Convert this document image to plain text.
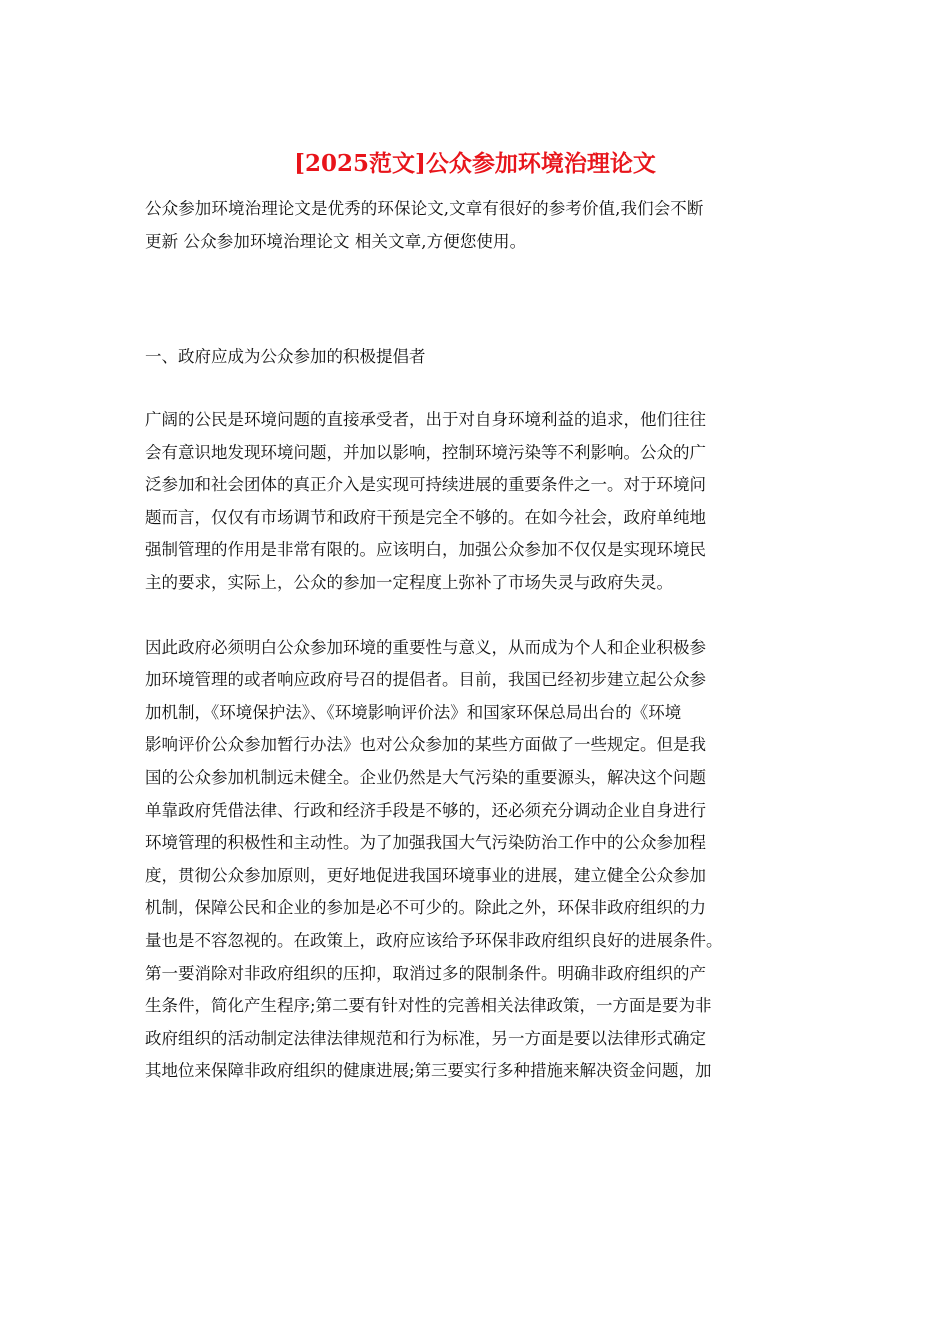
[2025范文]公众参加环境治理论文

公众参加环境治理论文是优秀的环保论文,文章有很好的参考价值,我们会不断
更新 公众参加环境治理论文 相关文章,方便您使用。

一、政府应成为公众参加的积极提倡者

广阔的公民是环境问题的直接承受者，出于对自身环境利益的追求，他们往往
会有意识地发现环境问题，并加以影响，控制环境污染等不利影响。公众的广
泛参加和社会团体的真正介入是实现可持续进展的重要条件之一。对于环境问
题而言，仅仅有市场调节和政府干预是完全不够的。在如今社会，政府单纯地
强制管理的作用是非常有限的。应该明白，加强公众参加不仅仅是实现环境民
主的要求，实际上，公众的参加一定程度上弥补了市场失灵与政府失灵。

因此政府必须明白公众参加环境的重要性与意义，从而成为个人和企业积极参
加环境管理的或者响应政府号召的提倡者。目前，我国已经初步建立起公众参
加机制，《环境保护法》、《环境影响评价法》和国家环保总局出台的《环境
影响评价公众参加暂行办法》也对公众参加的某些方面做了一些规定。但是我
国的公众参加机制远未健全。企业仍然是大气污染的重要源头，解决这个问题
单靠政府凭借法律、行政和经济手段是不够的，还必须充分调动企业自身进行
环境管理的积极性和主动性。为了加强我国大气污染防治工作中的公众参加程
度，贯彻公众参加原则，更好地促进我国环境事业的进展，建立健全公众参加
机制，保障公民和企业的参加是必不可少的。除此之外，环保非政府组织的力
量也是不容忽视的。在政策上，政府应该给予环保非政府组织良好的进展条件。
第一要消除对非政府组织的压抑，取消过多的限制条件。明确非政府组织的产
生条件，简化产生程序;第二要有针对性的完善相关法律政策，一方面是要为非
政府组织的活动制定法律法律规范和行为标准，另一方面是要以法律形式确定
其地位来保障非政府组织的健康进展;第三要实行多种措施来解决资金问题，加
